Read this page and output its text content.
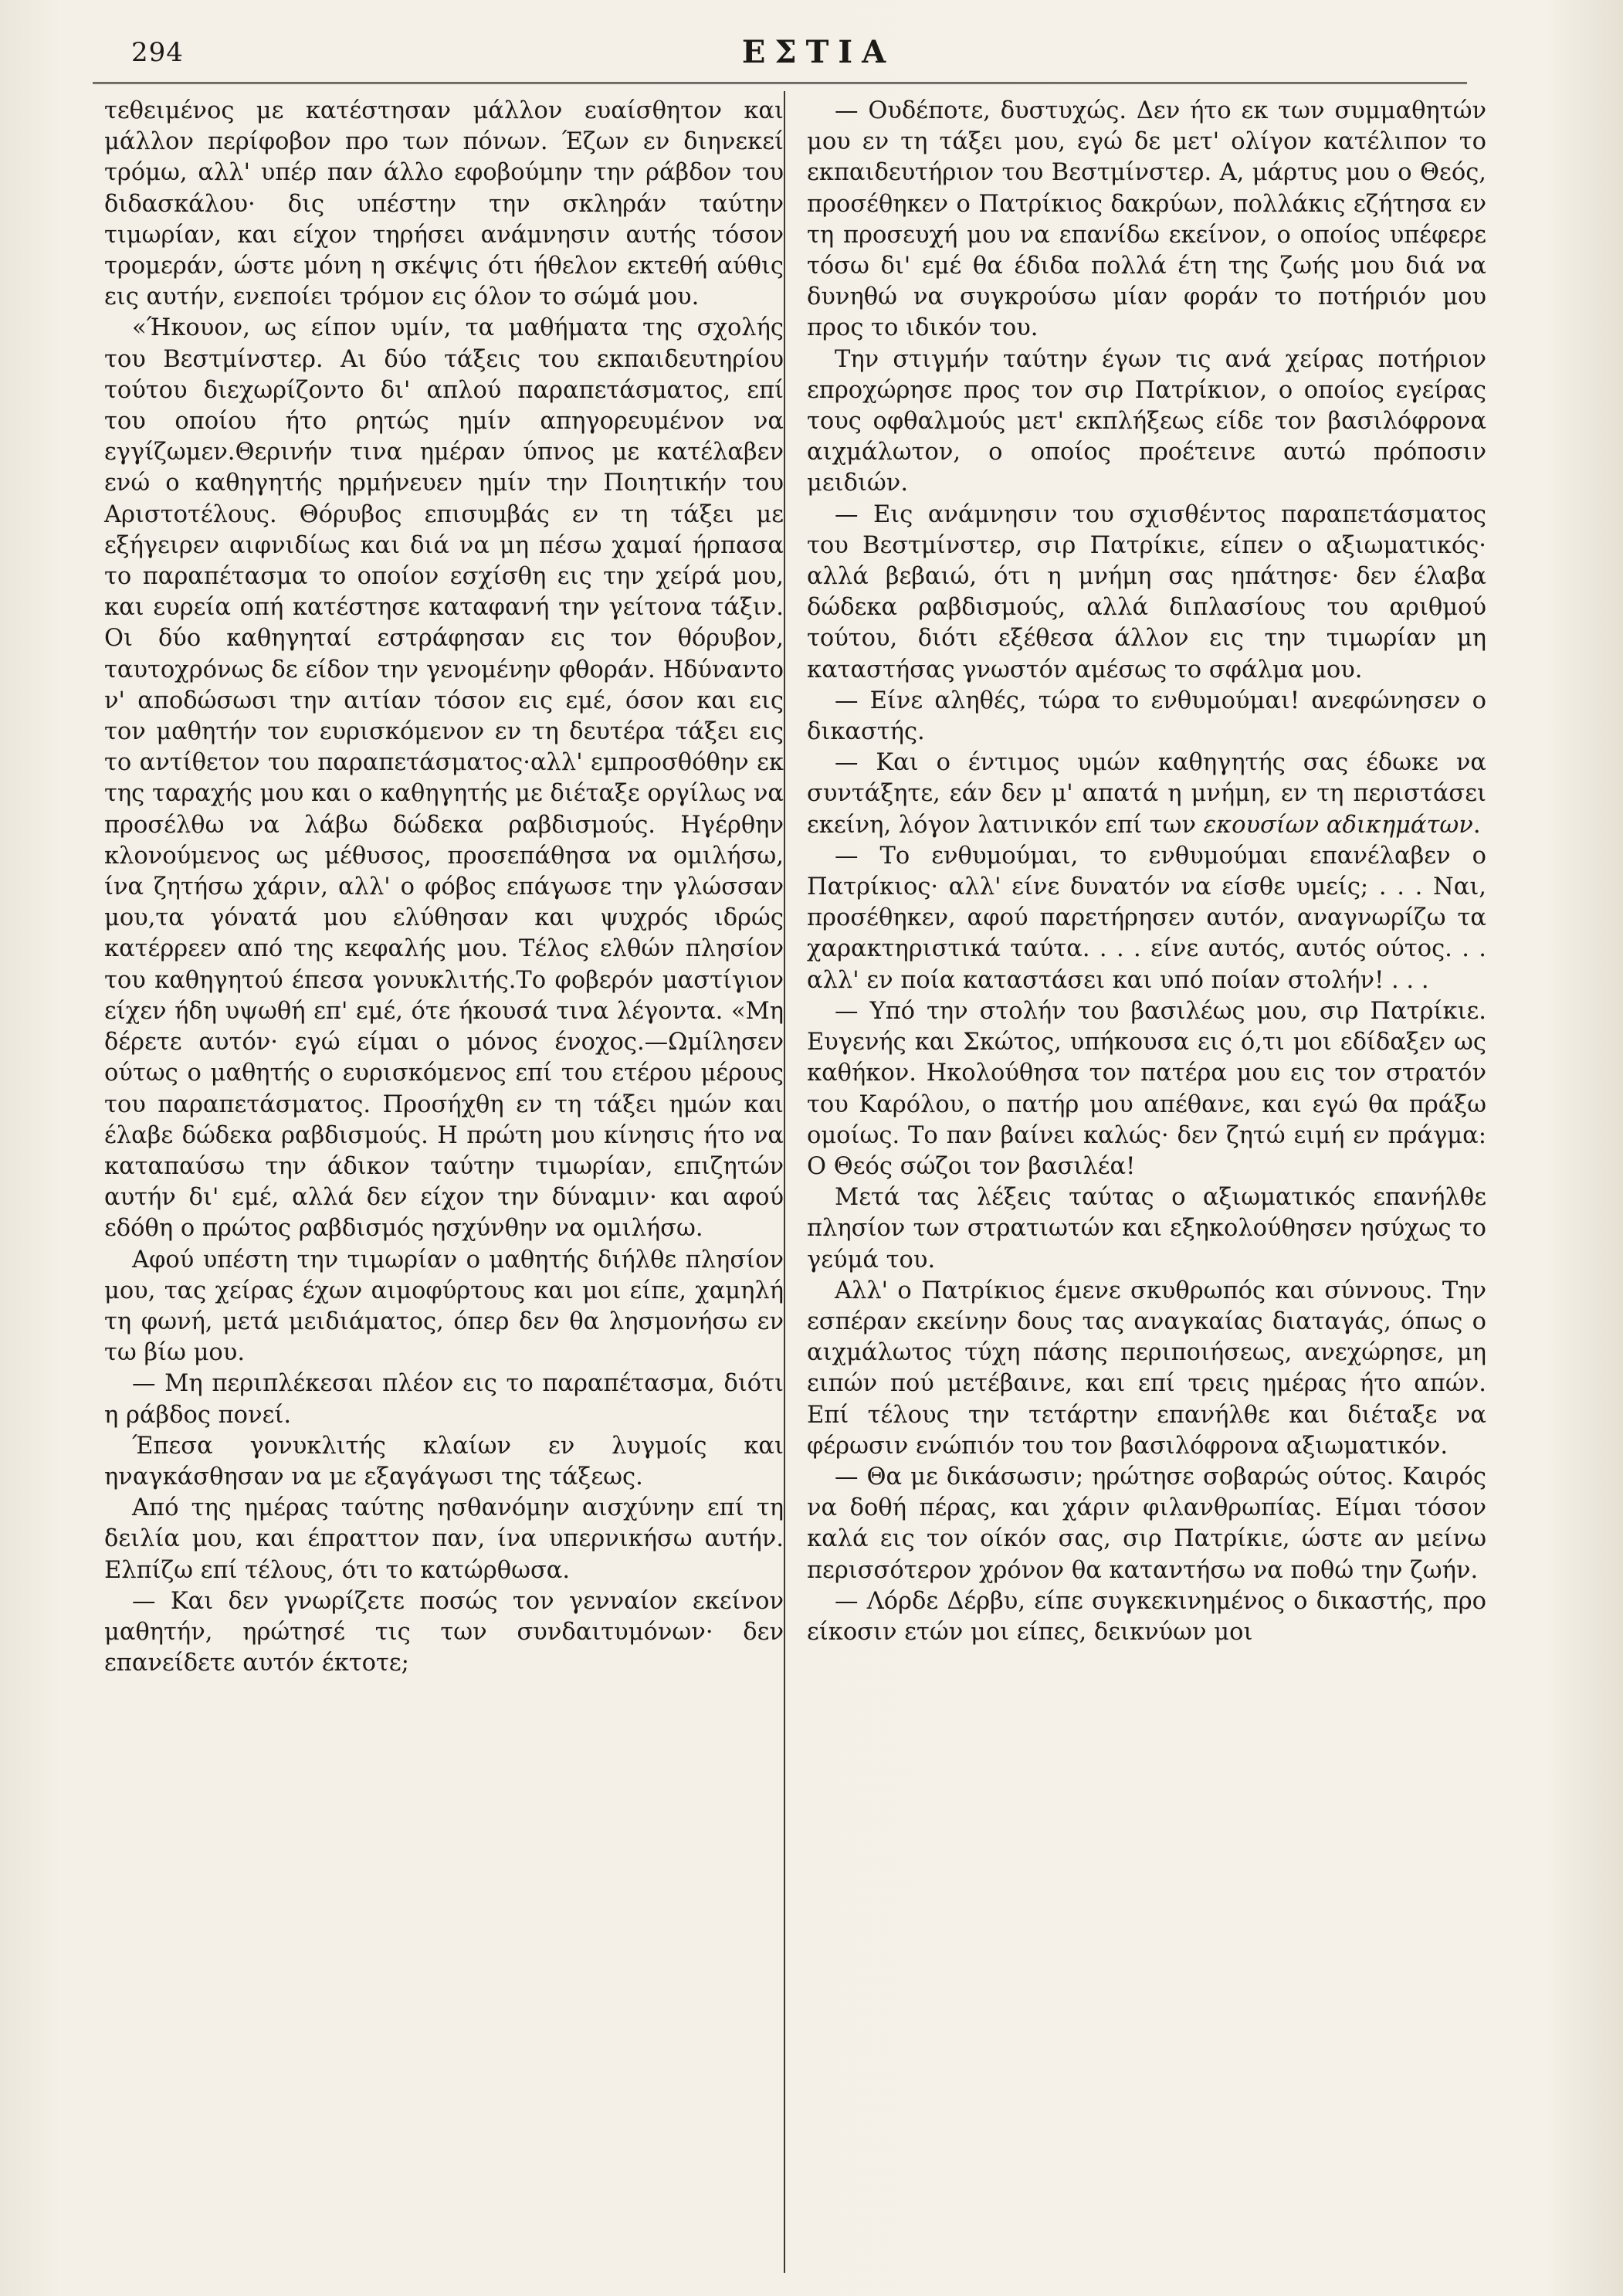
294	ΕΣΤΙΑ

τεθειμένος με κατέστησαν μάλλον ευαίσθητον και μάλλον περίφοβον προ των πόνων. Έζων εν διηνεκεί τρόμω, αλλ' υπέρ παν άλλο εφοβούμην την ράβδον του διδασκάλου· δις υπέστην την σκληράν ταύτην τιμωρίαν, και είχον τηρήσει ανάμνησιν αυτής τόσον τρομεράν, ώστε μόνη η σκέψις ότι ήθελον εκτεθή αύθις εις αυτήν, ενεποίει τρόμον εις όλον το σώμά μου.

«Ήκουον, ως είπον υμίν, τα μαθήματα της σχολής του Βεστμίνστερ. Αι δύο τάξεις του εκπαιδευτηρίου τούτου διεχωρίζοντο δι' απλού παραπετάσματος, επί του οποίου ήτο ρητώς ημίν απηγορευμένον να εγγίζωμεν.Θερινήν τινα ημέραν ύπνος με κατέλαβεν ενώ ο καθηγητής ηρμήνευεν ημίν την Ποιητικήν του Αριστοτέλους. Θόρυβος επισυμβάς εν τη τάξει με εξήγειρεν αιφνιδίως και διά να μη πέσω χαμαί ήρπασα το παραπέτασμα το οποίον εσχίσθη εις την χείρά μου, και ευρεία οπή κατέστησε καταφανή την γείτονα τάξιν. Οι δύο καθηγηταί εστράφησαν εις τον θόρυβον, ταυτοχρόνως δε είδον την γενομένην φθοράν. Ηδύναντο ν' αποδώσωσι την αιτίαν τόσον εις εμέ, όσον και εις τον μαθητήν τον ευρισκόμενον εν τη δευτέρα τάξει εις το αντίθετον του παραπετάσματος·αλλ' εμπροσθόθην εκ της ταραχής μου και ο καθηγητής με διέταξε οργίλως να προσέλθω να λάβω δώδεκα ραβδισμούς. Ηγέρθην κλονούμενος ως μέθυσος, προσεπάθησα να ομιλήσω, ίνα ζητήσω χάριν, αλλ' ο φόβος επάγωσε την γλώσσαν μου,τα γόνατά μου ελύθησαν και ψυχρός ιδρώς κατέρρεεν από της κεφαλής μου. Τέλος ελθών πλησίον του καθηγητού έπεσα γονυκλιτής.Το φοβερόν μαστίγιον είχεν ήδη υψωθή επ' εμέ, ότε ήκουσά τινα λέγοντα. «Μη δέρετε αυτόν· εγώ είμαι ο μόνος ένοχος.—Ωμίλησεν ούτως ο μαθητής ο ευρισκόμενος επί του ετέρου μέρους του παραπετάσματος. Προσήχθη εν τη τάξει ημών και έλαβε δώδεκα ραβδισμούς. Η πρώτη μου κίνησις ήτο να καταπαύσω την άδικον ταύτην τιμωρίαν, επιζητών αυτήν δι' εμέ, αλλά δεν είχον την δύναμιν· και αφού εδόθη ο πρώτος ραβδισμός ησχύνθην να ομιλήσω.

Αφού υπέστη την τιμωρίαν ο μαθητής διήλθε πλησίον μου, τας χείρας έχων αιμοφύρτους και μοι είπε, χαμηλή τη φωνή, μετά μειδιάματος, όπερ δεν θα λησμονήσω εν τω βίω μου.

— Μη περιπλέκεσαι πλέον εις το παραπέτασμα, διότι η ράβδος πονεί.

Έπεσα γονυκλιτής κλαίων εν λυγμοίς και ηναγκάσθησαν να με εξαγάγωσι της τάξεως.

Από της ημέρας ταύτης ησθανόμην αισχύνην επί τη δειλία μου, και έπραττον παν, ίνα υπερνικήσω αυτήν. Ελπίζω επί τέλους, ότι το κατώρθωσα.

— Και δεν γνωρίζετε ποσώς τον γενναίον εκείνον μαθητήν, ηρώτησέ τις των συνδαιτυμόνων· δεν επανείδετε αυτόν έκτοτε;

— Ουδέποτε, δυστυχώς. Δεν ήτο εκ των συμμαθητών μου εν τη τάξει μου, εγώ δε μετ' ολίγον κατέλιπον το εκπαιδευτήριον του Βεστμίνστερ. Α, μάρτυς μου ο Θεός, προσέθηκεν ο Πατρίκιος δακρύων, πολλάκις εζήτησα εν τη προσευχή μου να επανίδω εκείνον, ο οποίος υπέφερε τόσω δι' εμέ θα έδιδα πολλά έτη της ζωής μου διά να δυνηθώ να συγκρούσω μίαν φοράν το ποτήριόν μου προς το ιδικόν του.

Την στιγμήν ταύτην έγων τις ανά χείρας ποτήριον επροχώρησε προς τον σιρ Πατρίκιον, ο οποίος εγείρας τους οφθαλμούς μετ' εκπλήξεως είδε τον βασιλόφρονα αιχμάλωτον, ο οποίος προέτεινε αυτώ πρόποσιν μειδιών.

— Εις ανάμνησιν του σχισθέντος παραπετάσματος του Βεστμίνστερ, σιρ Πατρίκιε, είπεν ο αξιωματικός· αλλά βεβαιώ, ότι η μνήμη σας ηπάτησε· δεν έλαβα δώδεκα ραβδισμούς, αλλά διπλασίους του αριθμού τούτου, διότι εξέθεσα άλλον εις την τιμωρίαν μη καταστήσας γνωστόν αμέσως το σφάλμα μου.

— Είνε αληθές, τώρα το ενθυμούμαι! ανεφώνησεν ο δικαστής.

— Και ο έντιμος υμών καθηγητής σας έδωκε να συντάξητε, εάν δεν μ' απατά η μνήμη, εν τη περιστάσει εκείνη, λόγον λατινικόν επί των εκουσίων αδικημάτων.

— Το ενθυμούμαι, το ενθυμούμαι επανέλαβεν ο Πατρίκιος· αλλ' είνε δυνατόν να είσθε υμείς; . . . Ναι, προσέθηκεν, αφού παρετήρησεν αυτόν, αναγνωρίζω τα χαρακτηριστικά ταύτα. . . . είνε αυτός, αυτός ούτος. . . αλλ' εν ποία καταστάσει και υπό ποίαν στολήν! . . .

— Υπό την στολήν του βασιλέως μου, σιρ Πατρίκιε. Ευγενής και Σκώτος, υπήκουσα εις ό,τι μοι εδίδαξεν ως καθήκον. Ηκολούθησα τον πατέρα μου εις τον στρατόν του Καρόλου, ο πατήρ μου απέθανε, και εγώ θα πράξω ομοίως. Το παν βαίνει καλώς· δεν ζητώ ειμή εν πράγμα: Ο Θεός σώζοι τον βασιλέα!

Μετά τας λέξεις ταύτας ο αξιωματικός επανήλθε πλησίον των στρατιωτών και εξηκολούθησεν ησύχως το γεύμά του.

Αλλ' ο Πατρίκιος έμενε σκυθρωπός και σύννους. Την εσπέραν εκείνην δους τας αναγκαίας διαταγάς, όπως ο αιχμάλωτος τύχη πάσης περιποιήσεως, ανεχώρησε, μη ειπών πού μετέβαινε, και επί τρεις ημέρας ήτο απών. Επί τέλους την τετάρτην επανήλθε και διέταξε να φέρωσιν ενώπιόν του τον βασιλόφρονα αξιωματικόν.

— Θα με δικάσωσιν; ηρώτησε σοβαρώς ούτος. Καιρός να δοθή πέρας, και χάριν φιλανθρωπίας. Είμαι τόσον καλά εις τον οίκόν σας, σιρ Πατρίκιε, ώστε αν μείνω περισσότερον χρόνον θα καταντήσω να ποθώ την ζωήν.

— Λόρδε Δέρβυ, είπε συγκεκινημένος ο δικαστής, προ είκοσιν ετών μοι είπες, δεικνύων μοι
